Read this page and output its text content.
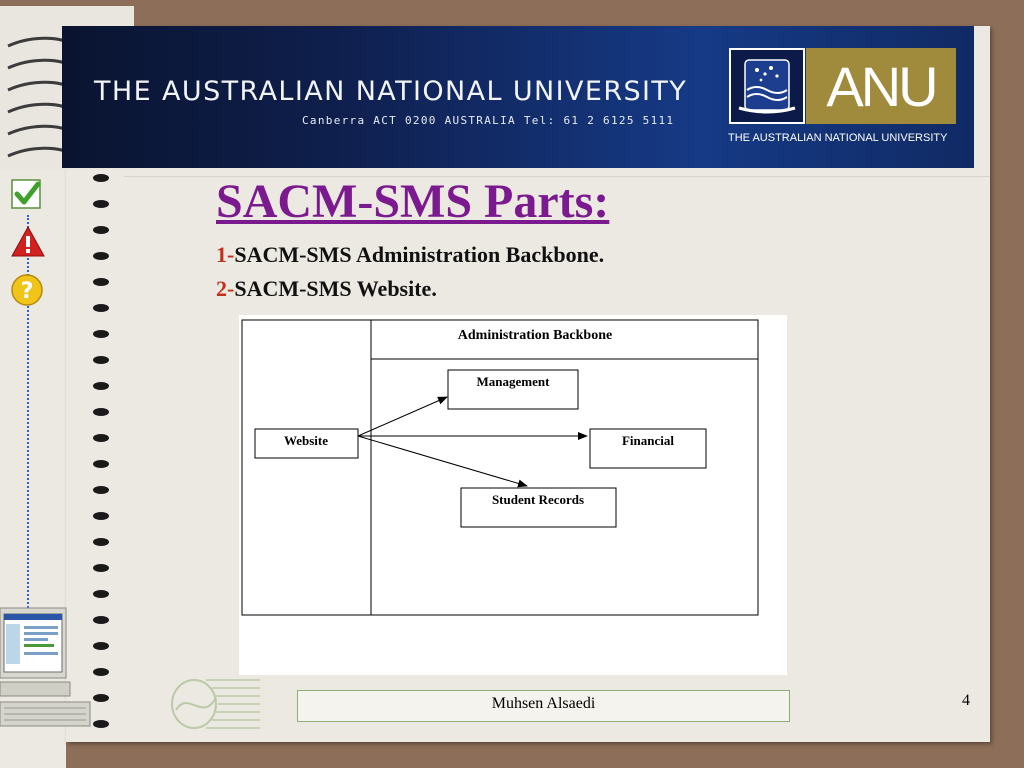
THE AUSTRALIAN NATIONAL UNIVERSITY
Canberra ACT 0200 AUSTRALIA Tel: 61 2 6125 5111
ANU
THE AUSTRALIAN NATIONAL UNIVERSITY
?
SACM-SMS Parts:
1-SACM-SMS Administration Backbone.
2-SACM-SMS Website.
Administration Backbone
Website
Management
Financial
Student Records
Muhsen Alsaedi	4
